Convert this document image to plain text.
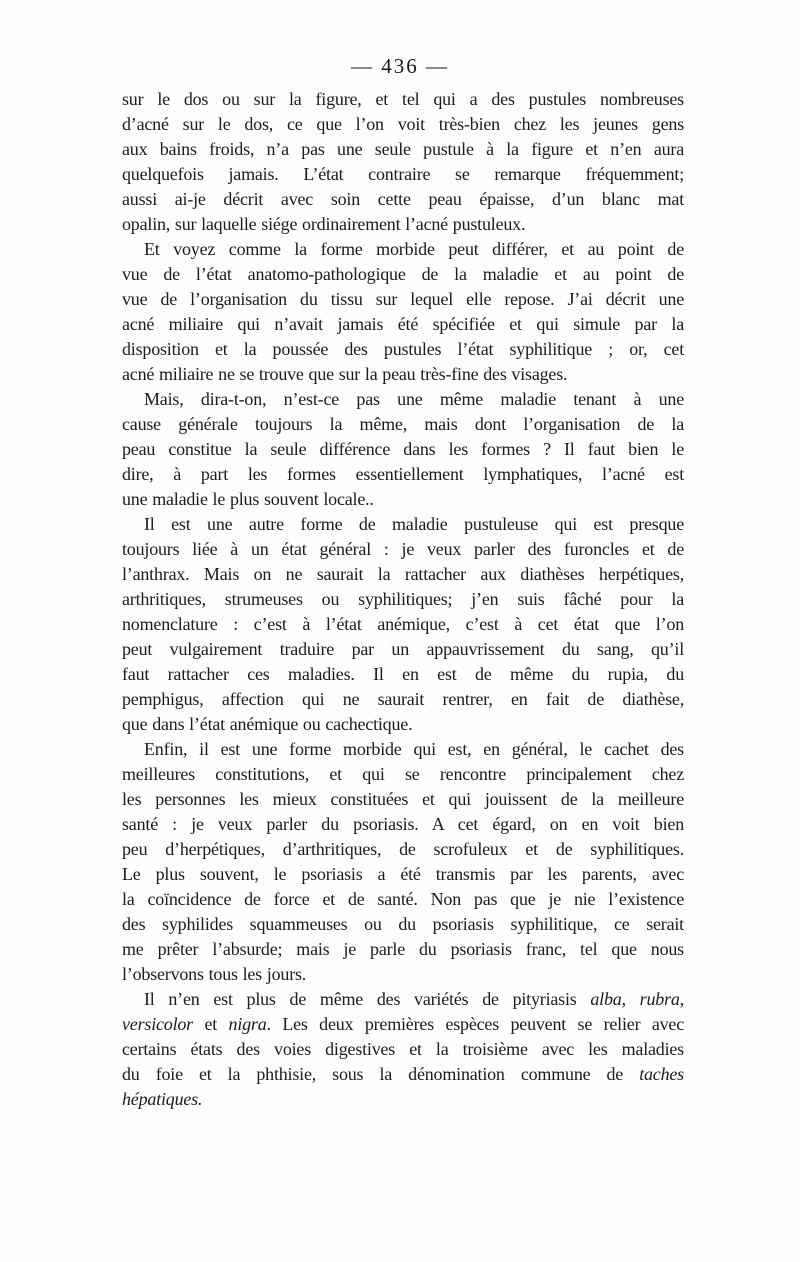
— 436 —
sur le dos ou sur la figure, et tel qui a des pustules nombreuses
d’acné sur le dos, ce que l’on voit très-bien chez les jeunes gens
aux bains froids, n’a pas une seule pustule à la figure et n’en aura
quelquefois jamais. L’état contraire se remarque fréquemment;
aussi ai-je décrit avec soin cette peau épaisse, d’un blanc mat
opalin, sur laquelle siége ordinairement l’acné pustuleux.
Et voyez comme la forme morbide peut différer, et au point de
vue de l’état anatomo-pathologique de la maladie et au point de
vue de l’organisation du tissu sur lequel elle repose. J’ai décrit une
acné miliaire qui n’avait jamais été spécifiée et qui simule par la
disposition et la poussée des pustules l’état syphilitique ; or, cet
acné miliaire ne se trouve que sur la peau très-fine des visages.
Mais, dira-t-on, n’est-ce pas une même maladie tenant à une
cause générale toujours la même, mais dont l’organisation de la
peau constitue la seule différence dans les formes ? Il faut bien le
dire, à part les formes essentiellement lymphatiques, l’acné est
une maladie le plus souvent locale..
Il est une autre forme de maladie pustuleuse qui est presque
toujours liée à un état général : je veux parler des furoncles et de
l’anthrax. Mais on ne saurait la rattacher aux diathèses herpétiques,
arthritiques, strumeuses ou syphilitiques; j’en suis fâché pour la
nomenclature : c’est à l’état anémique, c’est à cet état que l’on
peut vulgairement traduire par un appauvrissement du sang, qu’il
faut rattacher ces maladies. Il en est de même du rupia, du
pemphigus, affection qui ne saurait rentrer, en fait de diathèse,
que dans l’état anémique ou cachectique.
Enfin, il est une forme morbide qui est, en général, le cachet des
meilleures constitutions, et qui se rencontre principalement chez
les personnes les mieux constituées et qui jouissent de la meilleure
santé : je veux parler du psoriasis. A cet égard, on en voit bien
peu d’herpétiques, d’arthritiques, de scrofuleux et de syphilitiques.
Le plus souvent, le psoriasis a été transmis par les parents, avec
la coïncidence de force et de santé. Non pas que je nie l’existence
des syphilides squammeuses ou du psoriasis syphilitique, ce serait
me prêter l’absurde; mais je parle du psoriasis franc, tel que nous
l’observons tous les jours.
Il n’en est plus de même des variétés de pityriasis alba, rubra,
versicolor et nigra. Les deux premières espèces peuvent se relier avec
certains états des voies digestives et la troisième avec les maladies
du foie et la phthisie, sous la dénomination commune de taches
hépatiques.
